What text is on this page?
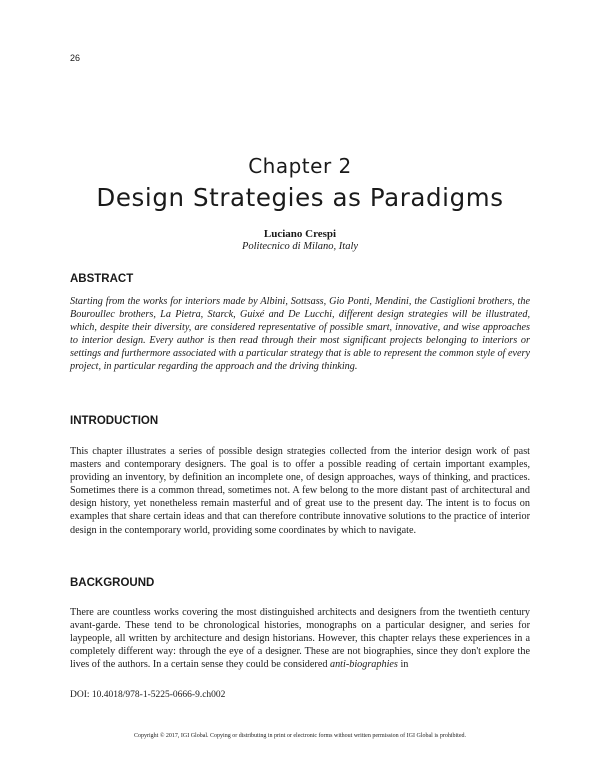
26
Chapter 2
Design Strategies as Paradigms
Luciano Crespi
Politecnico di Milano, Italy
ABSTRACT

Starting from the works for interiors made by Albini, Sottsass, Gio Ponti, Mendini, the Castiglioni brothers, the Bouroullec brothers, La Pietra, Starck, Guixé and De Lucchi, different design strategies will be illustrated, which, despite their diversity, are considered representative of possible smart, innovative, and wise approaches to interior design. Every author is then read through their most significant projects belonging to interiors or settings and furthermore associated with a particular strategy that is able to represent the common style of every project, in particular regarding the approach and the driving thinking.

INTRODUCTION

This chapter illustrates a series of possible design strategies collected from the interior design work of past masters and contemporary designers. The goal is to offer a possible reading of certain important examples, providing an inventory, by definition an incomplete one, of design approaches, ways of thinking, and practices. Sometimes there is a common thread, sometimes not. A few belong to the more distant past of architectural and design history, yet nonetheless remain masterful and of great use to the present day. The intent is to focus on examples that share certain ideas and that can therefore contribute innovative solutions to the practice of interior design in the contemporary world, providing some coordinates by which to navigate.

BACKGROUND

There are countless works covering the most distinguished architects and designers from the twentieth century avant-garde. These tend to be chronological histories, monographs on a particular designer, and series for laypeople, all written by architecture and design historians. However, this chapter relays these experiences in a completely different way: through the eye of a designer. These are not biographies, since they don't explore the lives of the authors. In a certain sense they could be considered anti-biographies in

DOI: 10.4018/978-1-5225-0666-9.ch002
Copyright © 2017, IGI Global. Copying or distributing in print or electronic forms without written permission of IGI Global is prohibited.
